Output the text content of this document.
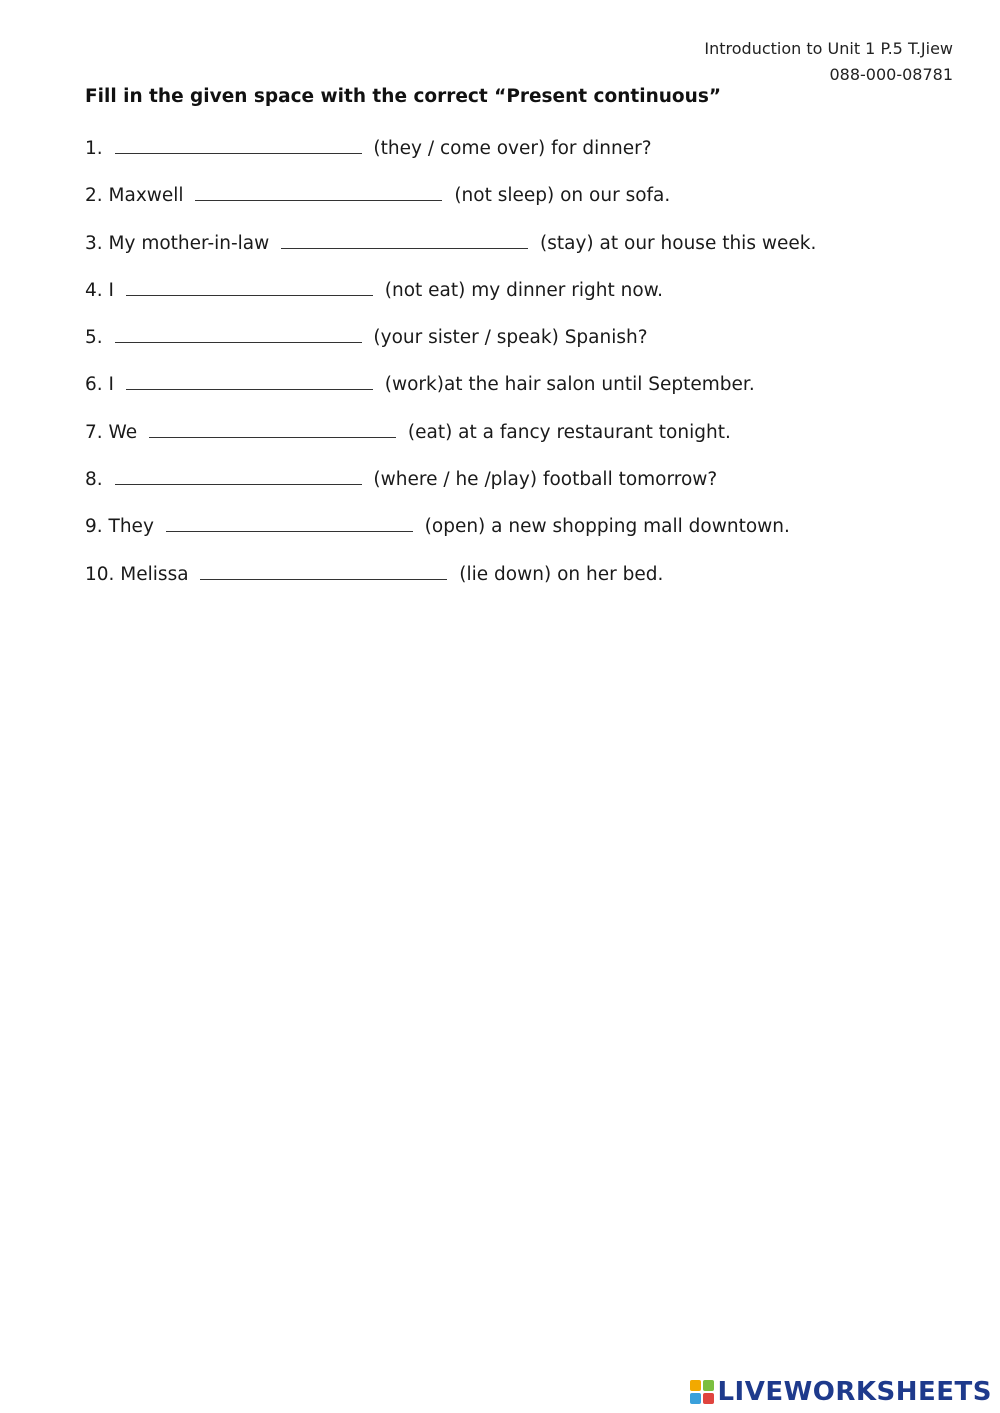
Introduction to Unit 1 P.5 T.Jiew
088-000-08781
Fill in the given space with the correct “Present continuous”
1.	(they / come over) for dinner?
2. Maxwell	(not sleep) on our sofa.
3. My mother-in-law	(stay) at our house this week.
4. I	(not eat) my dinner right now.
5.	(your sister / speak) Spanish?
6. I	(work)at the hair salon until September.
7. We	(eat) at a fancy restaurant tonight.
8.	(where / he /play) football tomorrow?
9. They	(open) a new shopping mall downtown.
10. Melissa	(lie down) on her bed.
LIVEWORKSHEETS
